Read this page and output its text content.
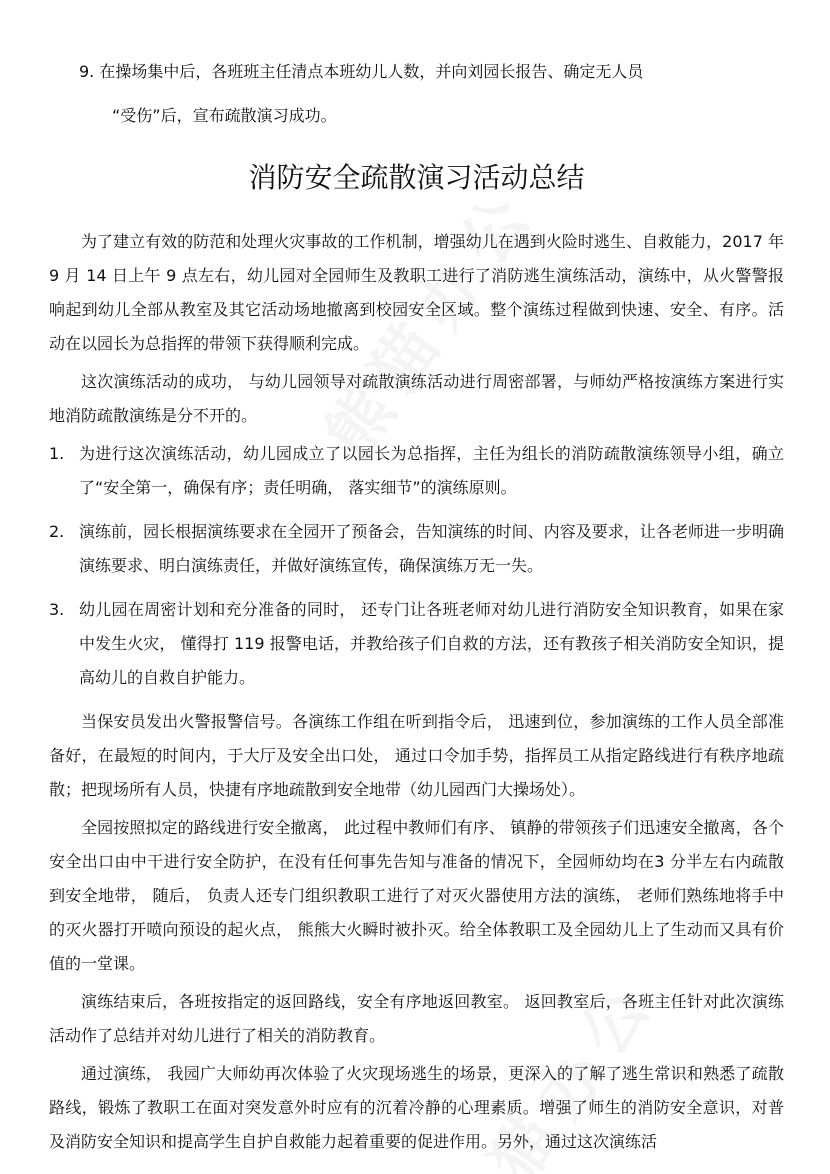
9. 在操场集中后，各班班主任清点本班幼儿人数，并向刘园长报告、确定无人员
“受伤”后，宣布疏散演习成功。
消防安全疏散演习活动总结

为了建立有效的防范和处理火灾事故的工作机制，增强幼儿在遇到火险时逃生、自救能力，2017 年 9 月 14 日上午 9 点左右，幼儿园对全园师生及教职工进行了消防逃生演练活动，演练中，从火警警报响起到幼儿全部从教室及其它活动场地撤离到校园安全区域。整个演练过程做到快速、安全、有序。活动在以园长为总指挥的带领下获得顺利完成。

这次演练活动的成功， 与幼儿园领导对疏散演练活动进行周密部署，与师幼严格按演练方案进行实地消防疏散演练是分不开的。

1. 为进行这次演练活动，幼儿园成立了以园长为总指挥，主任为组长的消防疏散演练领导小组，确立了“安全第一，确保有序；责任明确， 落实细节”的演练原则。
2. 演练前，园长根据演练要求在全园开了预备会，告知演练的时间、内容及要求，让各老师进一步明确演练要求、明白演练责任，并做好演练宣传，确保演练万无一失。
3. 幼儿园在周密计划和充分准备的同时， 还专门让各班老师对幼儿进行消防安全知识教育，如果在家中发生火灾， 懂得打 119 报警电话，并教给孩子们自救的方法，还有教孩子相关消防安全知识，提高幼儿的自救自护能力。

当保安员发出火警报警信号。各演练工作组在听到指令后， 迅速到位，参加演练的工作人员全部准备好，在最短的时间内，于大厅及安全出口处， 通过口令加手势，指挥员工从指定路线进行有秩序地疏散；把现场所有人员，快捷有序地疏散到安全地带（幼儿园西门大操场处）。

全园按照拟定的路线进行安全撤离， 此过程中教师们有序、 镇静的带领孩子们迅速安全撤离，各个安全出口由中干进行安全防护，在没有任何事先告知与准备的情况下，全园师幼均在3 分半左右内疏散到安全地带， 随后， 负责人还专门组织教职工进行了对灭火器使用方法的演练， 老师们熟练地将手中的灭火器打开喷向预设的起火点， 熊熊大火瞬时被扑灭。给全体教职工及全园幼儿上了生动而又具有价值的一堂课。

演练结束后，各班按指定的返回路线，安全有序地返回教室。 返回教室后，各班主任针对此次演练活动作了总结并对幼儿进行了相关的消防教育。

通过演练， 我园广大师幼再次体验了火灾现场逃生的场景，更深入的了解了逃生常识和熟悉了疏散路线，锻炼了教职工在面对突发意外时应有的沉着冷静的心理素质。增强了师生的消防安全意识，对普及消防安全知识和提高学生自护自救能力起着重要的促进作用。另外，通过这次演练活
